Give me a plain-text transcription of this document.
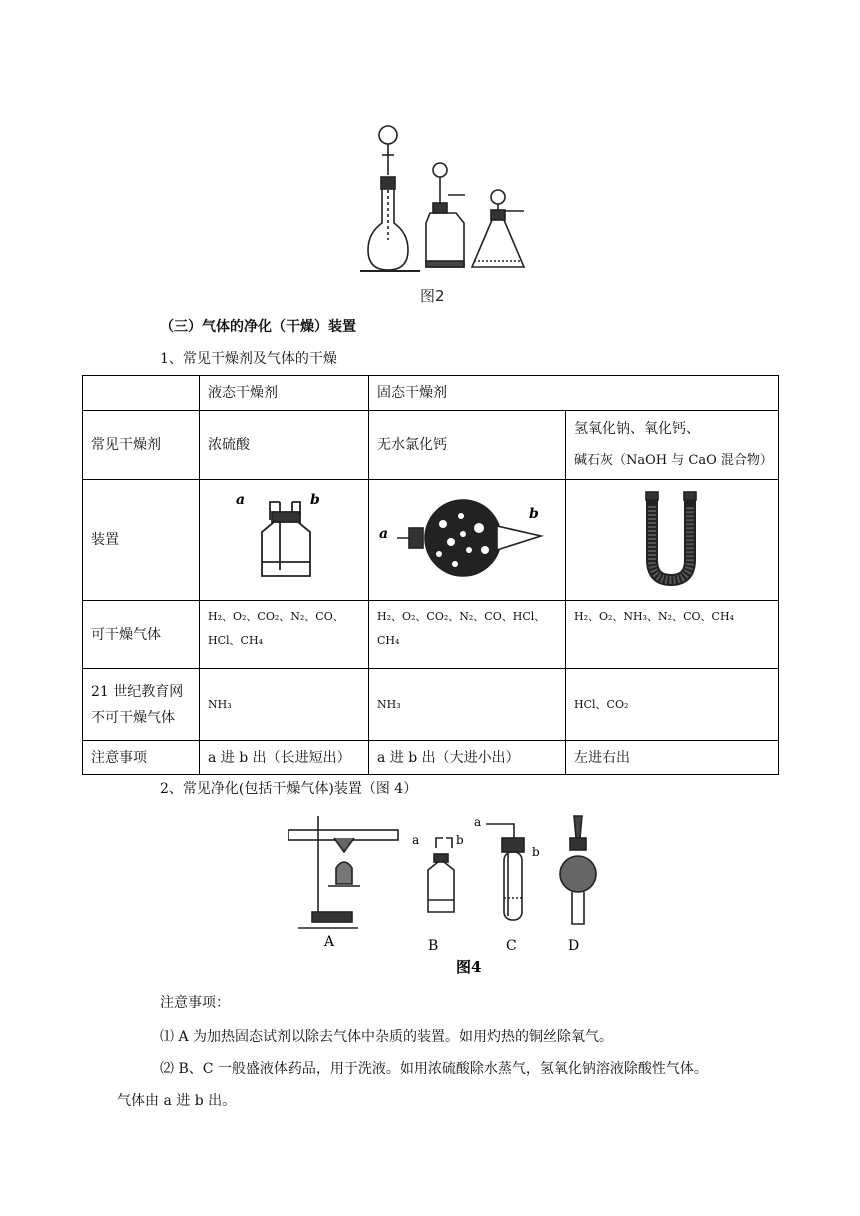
图2
（三）气体的净化（干燥）装置
1、常见干燥剂及气体的干燥
	液态干燥剂	固态干燥剂	
常见干燥剂	浓硫酸	无水氯化钙	氢氧化钠、氧化钙、
碱石灰（NaOH 与 CaO 混合物）

装置	a b	a
b

可干燥气体	H₂、O₂、CO₂、N₂、CO、HCl、CH₄	H₂、O₂、CO₂、N₂、CO、HCl、CH₄	H₂、O₂、NH₃、N₂、CO、CH₄

21 世纪教育网
不可干燥气体	NH₃	NH₃	HCl、CO₂
注意事项	a 进 b 出（长进短出）	a 进 b 出（大进小出）	左进右出
2、常见净化(包括干燥气体)装置（图 4）
A	B	C	D
a	b
a
b
图4
注意事项：
⑴ A 为加热固态试剂以除去气体中杂质的装置。如用灼热的铜丝除氧气。
⑵ B、C 一般盛液体药品，用于洗液。如用浓硫酸除水蒸气，氢氧化钠溶液除酸性气体。
气体由 a 进 b 出。
